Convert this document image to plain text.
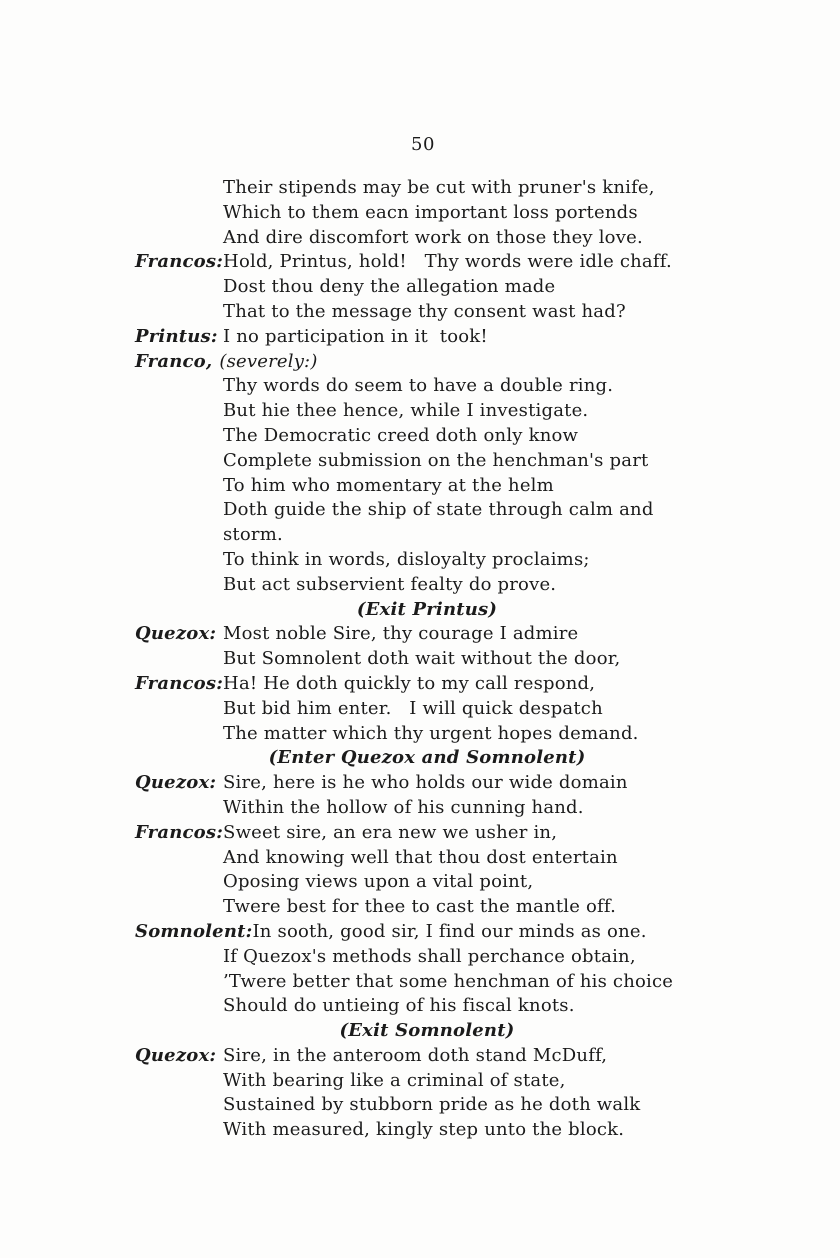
50
Their stipends may be cut with pruner's knife,
Which to them eacn important loss portends
And dire discomfort work on those they love.
Francos:Hold, Printus, hold!   Thy words were idle chaff.
Dost thou deny the allegation made
That to the message thy consent wast had?
Printus: I no participation in it  took!
Franco, (severely:)
Thy words do seem to have a double ring.
But hie thee hence, while I investigate.
The Democratic creed doth only know
Complete submission on the henchman's part
To him who momentary at the helm
Doth guide the ship of state through calm and storm.
To think in words, disloyalty proclaims;
But act subservient fealty do prove.
(Exit Printus)
Quezox: Most noble Sire, thy courage I admire
But Somnolent doth wait without the door,
Francos:Ha! He doth quickly to my call respond,
But bid him enter.   I will quick despatch
The matter which thy urgent hopes demand.
(Enter Quezox and Somnolent)
Quezox: Sire, here is he who holds our wide domain
Within the hollow of his cunning hand.
Francos:Sweet sire, an era new we usher in,
And knowing well that thou dost entertain
Oposing views upon a vital point,
Twere best for thee to cast the mantle off.
Somnolent:In sooth, good sir, I find our minds as one.
If Quezox's methods shall perchance obtain,
’Twere better that some henchman of his choice
Should do untieing of his fiscal knots.
(Exit Somnolent)
Quezox: Sire, in the anteroom doth stand McDuff,
With bearing like a criminal of state,
Sustained by stubborn pride as he doth walk
With measured, kingly step unto the block.
